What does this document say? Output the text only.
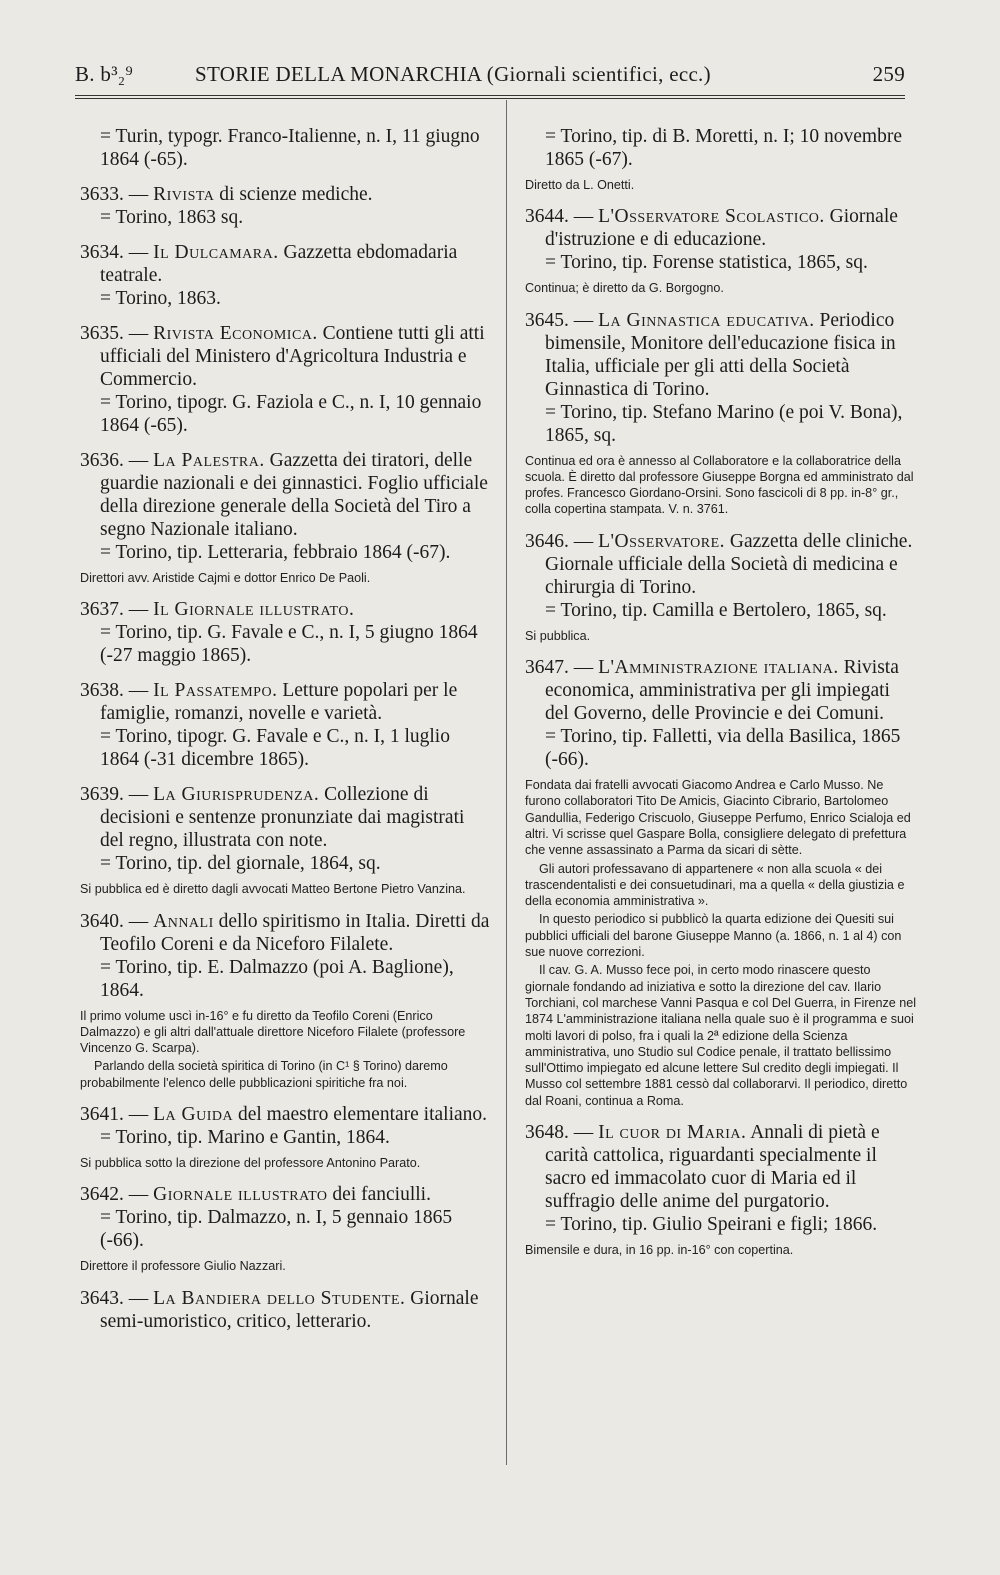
B. b³₂⁹	STORIE DELLA MONARCHIA (Giornali scientifici, ecc.)	259

= Turin, typogr. Franco-Italienne, n. I, 11 giugno 1864 (-65).

3633. — Rivista di scienze mediche.

= Torino, 1863 sq.

3634. — Il Dulcamara. Gazzetta ebdomadaria teatrale.

= Torino, 1863.

3635. — Rivista Economica. Contiene tutti gli atti ufficiali del Ministero d'Agricoltura Industria e Commercio.

= Torino, tipogr. G. Faziola e C., n. I, 10 gennaio 1864 (-65).

3636. — La Palestra. Gazzetta dei tiratori, delle guardie nazionali e dei ginnastici. Foglio ufficiale della direzione generale della Società del Tiro a segno Nazionale italiano.

= Torino, tip. Letteraria, febbraio 1864 (-67).

Direttori avv. Aristide Cajmi e dottor Enrico De Paoli.

3637. — Il Giornale illustrato.

= Torino, tip. G. Favale e C., n. I, 5 giugno 1864 (-27 maggio 1865).

3638. — Il Passatempo. Letture popolari per le famiglie, romanzi, novelle e varietà.

= Torino, tipogr. G. Favale e C., n. I, 1 luglio 1864 (-31 dicembre 1865).

3639. — La Giurisprudenza. Collezione di decisioni e sentenze pronunziate dai magistrati del regno, illustrata con note.

= Torino, tip. del giornale, 1864, sq.

Si pubblica ed è diretto dagli avvocati Matteo Bertone Pietro Vanzina.

3640. — Annali dello spiritismo in Italia. Diretti da Teofilo Coreni e da Niceforo Filalete.

= Torino, tip. E. Dalmazzo (poi A. Baglione), 1864.

Il primo volume uscì in-16° e fu diretto da Teofilo Coreni (Enrico Dalmazzo) e gli altri dall'attuale direttore Niceforo Filalete (professore Vincenzo G. Scarpa).

Parlando della società spiritica di Torino (in C¹ § Torino) daremo probabilmente l'elenco delle pubblicazioni spiritiche fra noi.

3641. — La Guida del maestro elementare italiano.

= Torino, tip. Marino e Gantin, 1864.

Si pubblica sotto la direzione del professore Antonino Parato.

3642. — Giornale illustrato dei fanciulli.

= Torino, tip. Dalmazzo, n. I, 5 gennaio 1865 (-66).

Direttore il professore Giulio Nazzari.

3643. — La Bandiera dello Studente. Giornale semi-umoristico, critico, letterario.

= Torino, tip. di B. Moretti, n. I; 10 novembre 1865 (-67).

Diretto da L. Onetti.

3644. — L'Osservatore Scolastico. Giornale d'istruzione e di educazione.

= Torino, tip. Forense statistica, 1865, sq.

Continua; è diretto da G. Borgogno.

3645. — La Ginnastica educativa. Periodico bimensile, Monitore dell'educazione fisica in Italia, ufficiale per gli atti della Società Ginnastica di Torino.

= Torino, tip. Stefano Marino (e poi V. Bona), 1865, sq.

Continua ed ora è annesso al Collaboratore e la collaboratrice della scuola. È diretto dal professore Giuseppe Borgna ed amministrato dal profes. Francesco Giordano-Orsini. Sono fascicoli di 8 pp. in-8° gr., colla copertina stampata. V. n. 3761.

3646. — L'Osservatore. Gazzetta delle cliniche. Giornale ufficiale della Società di medicina e chirurgia di Torino.

= Torino, tip. Camilla e Bertolero, 1865, sq.

Si pubblica.

3647. — L'Amministrazione italiana. Rivista economica, amministrativa per gli impiegati del Governo, delle Provincie e dei Comuni.

= Torino, tip. Falletti, via della Basilica, 1865 (-66).

Fondata dai fratelli avvocati Giacomo Andrea e Carlo Musso. Ne furono collaboratori Tito De Amicis, Giacinto Cibrario, Bartolomeo Gandullia, Federigo Criscuolo, Giuseppe Perfumo, Enrico Scialoja ed altri. Vi scrisse quel Gaspare Bolla, consigliere delegato di prefettura che venne assassinato a Parma da sicari di sètte.

Gli autori professavano di appartenere « non alla scuola « dei trascendentalisti e dei consuetudinari, ma a quella « della giustizia e della economia amministrativa ».

In questo periodico si pubblicò la quarta edizione dei Quesiti sui pubblici ufficiali del barone Giuseppe Manno (a. 1866, n. 1 al 4) con sue nuove correzioni.

Il cav. G. A. Musso fece poi, in certo modo rinascere questo giornale fondando ad iniziativa e sotto la direzione del cav. Ilario Torchiani, col marchese Vanni Pasqua e col Del Guerra, in Firenze nel 1874 L'amministrazione italiana nella quale suo è il programma e suoi molti lavori di polso, fra i quali la 2ª edizione della Scienza amministrativa, uno Studio sul Codice penale, il trattato bellissimo sull'Ottimo impiegato ed alcune lettere Sul credito degli impiegati. Il Musso col settembre 1881 cessò dal collaborarvi. Il periodico, diretto dal Roani, continua a Roma.

3648. — Il cuor di Maria. Annali di pietà e carità cattolica, riguardanti specialmente il sacro ed immacolato cuor di Maria ed il suffragio delle anime del purgatorio.

= Torino, tip. Giulio Speirani e figli; 1866.

Bimensile e dura, in 16 pp. in-16° con copertina.
